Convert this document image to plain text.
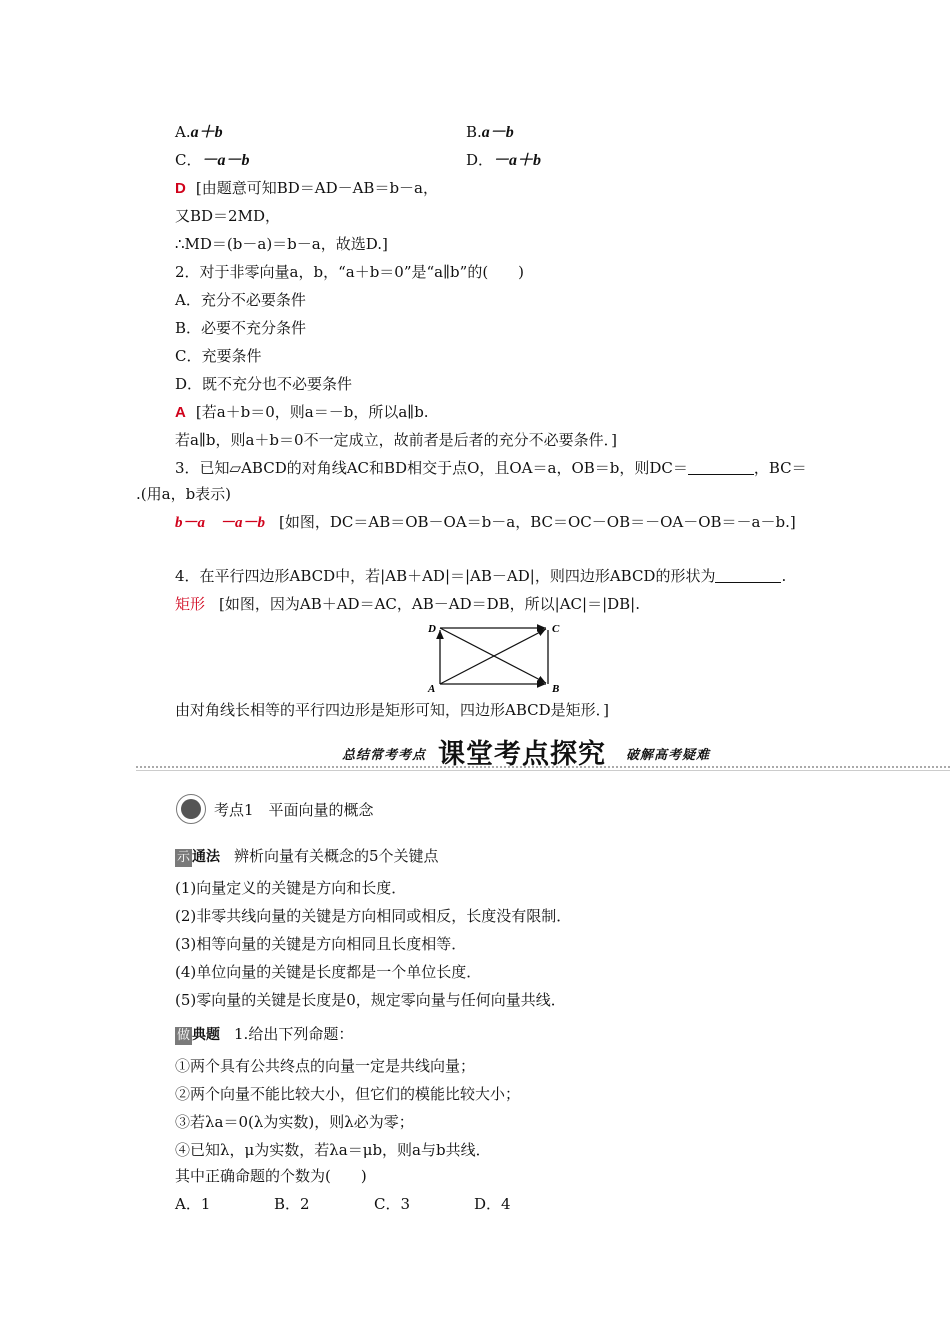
A.a＋b	B.a－b
C．－a－b	D．－a＋b
D [由题意可知BD＝AD－AB＝b－a，
又BD＝2MD，
∴MD＝(b－a)＝b－a，故选D.]
2．对于非零向量a，b，“a＋b＝0”是“a∥b”的(　　)
A．充分不必要条件
B．必要不充分条件
C．充要条件
D．既不充分也不必要条件
A [若a＋b＝0，则a＝－b，所以a∥b.
若a∥b，则a＋b＝0不一定成立，故前者是后者的充分不必要条件．]
3．已知▱ABCD的对角线AC和BD相交于点O，且OA＝a，OB＝b，则DC＝	，BC＝
.(用a，b表示)
b－a　－a－b [如图，DC＝AB＝OB－OA＝b－a，BC＝OC－OB＝－OA－OB＝－a－b.]
4．在平行四边形ABCD中，若|AB＋AD|＝|AB－AD|，则四边形ABCD的形状为	.
矩形 [如图，因为AB＋AD＝AC，AB－AD＝DB，所以|AC|＝|DB|.
D	C
A	B
由对角线长相等的平行四边形是矩形可知，四边形ABCD是矩形．]
总结常考考点 课堂考点探究 破解高考疑难
考点1　平面向量的概念
示 通法 辨析向量有关概念的5个关键点
(1)向量定义的关键是方向和长度．
(2)非零共线向量的关键是方向相同或相反，长度没有限制．
(3)相等向量的关键是方向相同且长度相等．
(4)单位向量的关键是长度都是一个单位长度．
(5)零向量的关键是长度是0，规定零向量与任何向量共线．
做 典题 1.给出下列命题：
①两个具有公共终点的向量一定是共线向量；
②两个向量不能比较大小，但它们的模能比较大小；
③若λa＝0(λ为实数)，则λ必为零；
④已知λ，μ为实数，若λa＝μb，则a与b共线．
其中正确命题的个数为(　　)
A．1	B．2	C．3	D．4
